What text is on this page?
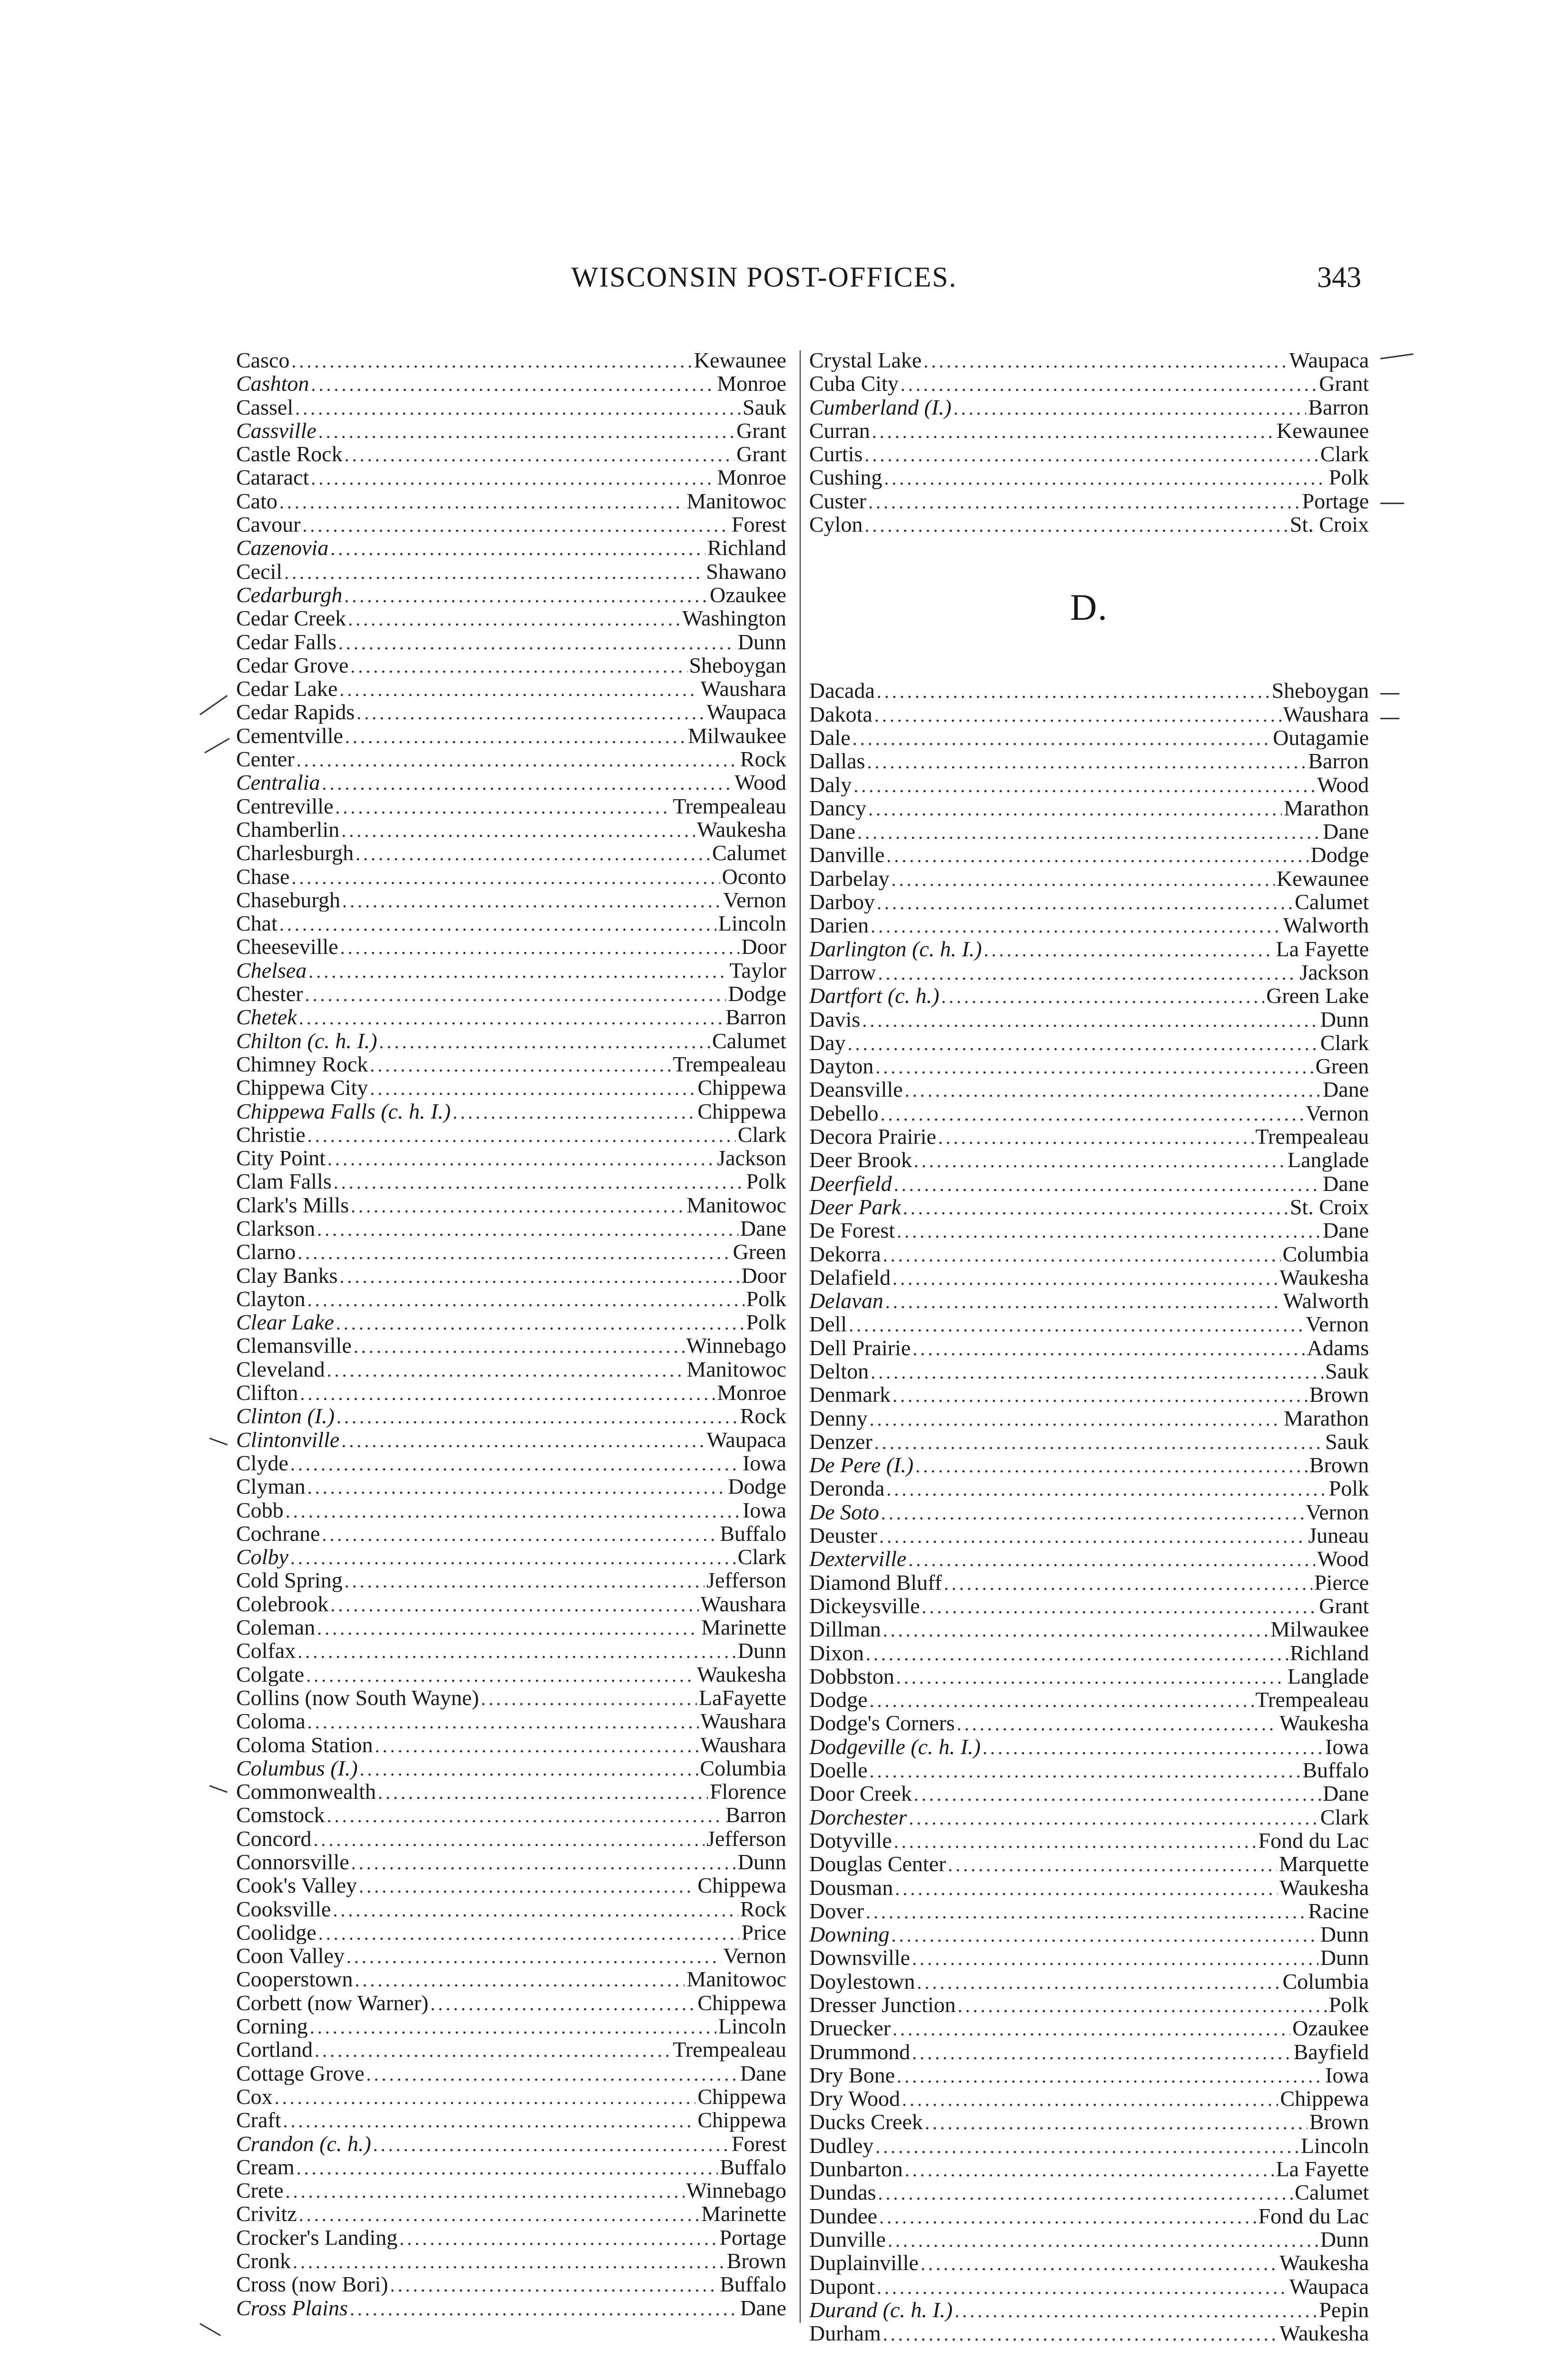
WISCONSIN POST-OFFICES.	343
Casco .....	Kewaunee
Cashton .....	Monroe
Cassel .....	Sauk
Cassville .....	Grant
Castle Rock .....	Grant
Cataract .....	Monroe
Cato .....	Manitowoc
Cavour .....	Forest
Cazenovia .....	Richland
Cecil .....	Shawano
Cedarburgh .....	Ozaukee
Cedar Creek .....	Washington
Cedar Falls .....	Dunn
Cedar Grove .....	Sheboygan
Cedar Lake .....	Waushara
Cedar Rapids .....	Waupaca
Cementville .....	Milwaukee
Center .....	Rock
Centralia .....	Wood
Centreville .....	Trempealeau
Chamberlin .....	Waukesha
Charlesburgh .....	Calumet
Chase .....	Oconto
Chaseburgh .....	Vernon
Chat .....	Lincoln
Cheeseville .....	Door
Chelsea .....	Taylor
Chester .....	Dodge
Chetek .....	Barron
Chilton (c. h. I.) .....	Calumet
Chimney Rock .....	Trempealeau
Chippewa City .....	Chippewa
Chippewa Falls (c. h. I.) .....	Chippewa
Christie .....	Clark
City Point .....	Jackson
Clam Falls .....	Polk
Clark's Mills .....	Manitowoc
Clarkson .....	Dane
Clarno .....	Green
Clay Banks .....	Door
Clayton .....	Polk
Clear Lake .....	Polk
Clemansville .....	Winnebago
Cleveland .....	Manitowoc
Clifton .....	Monroe
Clinton (I.) .....	Rock
Clintonville .....	Waupaca
Clyde .....	Iowa
Clyman .....	Dodge
Cobb .....	Iowa
Cochrane .....	Buffalo
Colby .....	Clark
Cold Spring .....	Jefferson
Colebrook .....	Waushara
Coleman .....	Marinette
Colfax .....	Dunn
Colgate .....	Waukesha
Collins (now South Wayne) .....	LaFayette
Coloma .....	Waushara
Coloma Station .....	Waushara
Columbus (I.) .....	Columbia
Commonwealth .....	Florence
Comstock .....	Barron
Concord .....	Jefferson
Connorsville .....	Dunn
Cook's Valley .....	Chippewa
Cooksville .....	Rock
Coolidge .....	Price
Coon Valley .....	Vernon
Cooperstown .....	Manitowoc
Corbett (now Warner) .....	Chippewa
Corning .....	Lincoln
Cortland .....	Trempealeau
Cottage Grove .....	Dane
Cox .....	Chippewa
Craft .....	Chippewa
Crandon (c. h.) .....	Forest
Cream .....	Buffalo
Crete .....	Winnebago
Crivitz .....	Marinette
Crocker's Landing .....	Portage
Cronk .....	Brown
Cross (now Bori) .....	Buffalo
Cross Plains .....	Dane
Crystal Lake .....	Waupaca
Cuba City .....	Grant
Cumberland (I.) .....	Barron
Curran .....	Kewaunee
Curtis .....	Clark
Cushing .....	Polk
Custer .....	Portage
Cylon .....	St. Croix
D.
Dacada .....	Sheboygan
Dakota .....	Waushara
Dale .....	Outagamie
Dallas .....	Barron
Daly .....	Wood
Dancy .....	Marathon
Dane .....	Dane
Danville .....	Dodge
Darbelay .....	Kewaunee
Darboy .....	Calumet
Darien .....	Walworth
Darlington (c. h. I.) .....	La Fayette
Darrow .....	Jackson
Dartfort (c. h.) .....	Green Lake
Davis .....	Dunn
Day .....	Clark
Dayton .....	Green
Deansville .....	Dane
Debello .....	Vernon
Decora Prairie .....	Trempealeau
Deer Brook .....	Langlade
Deerfield .....	Dane
Deer Park .....	St. Croix
De Forest .....	Dane
Dekorra .....	Columbia
Delafield .....	Waukesha
Delavan .....	Walworth
Dell .....	Vernon
Dell Prairie .....	Adams
Delton .....	Sauk
Denmark .....	Brown
Denny .....	Marathon
Denzer .....	Sauk
De Pere (I.) .....	Brown
Deronda .....	Polk
De Soto .....	Vernon
Deuster .....	Juneau
Dexterville .....	Wood
Diamond Bluff .....	Pierce
Dickeysville .....	Grant
Dillman .....	Milwaukee
Dixon .....	Richland
Dobbston .....	Langlade
Dodge .....	Trempealeau
Dodge's Corners .....	Waukesha
Dodgeville (c. h. I.) .....	Iowa
Doelle .....	Buffalo
Door Creek .....	Dane
Dorchester .....	Clark
Dotyville .....	Fond du Lac
Douglas Center .....	Marquette
Dousman .....	Waukesha
Dover .....	Racine
Downing .....	Dunn
Downsville .....	Dunn
Doylestown .....	Columbia
Dresser Junction .....	Polk
Druecker .....	Ozaukee
Drummond .....	Bayfield
Dry Bone .....	Iowa
Dry Wood .....	Chippewa
Ducks Creek .....	Brown
Dudley .....	Lincoln
Dunbarton .....	La Fayette
Dundas .....	Calumet
Dundee .....	Fond du Lac
Dunville .....	Dunn
Duplainville .....	Waukesha
Dupont .....	Waupaca
Durand (c. h. I.) .....	Pepin
Durham .....	Waukesha
